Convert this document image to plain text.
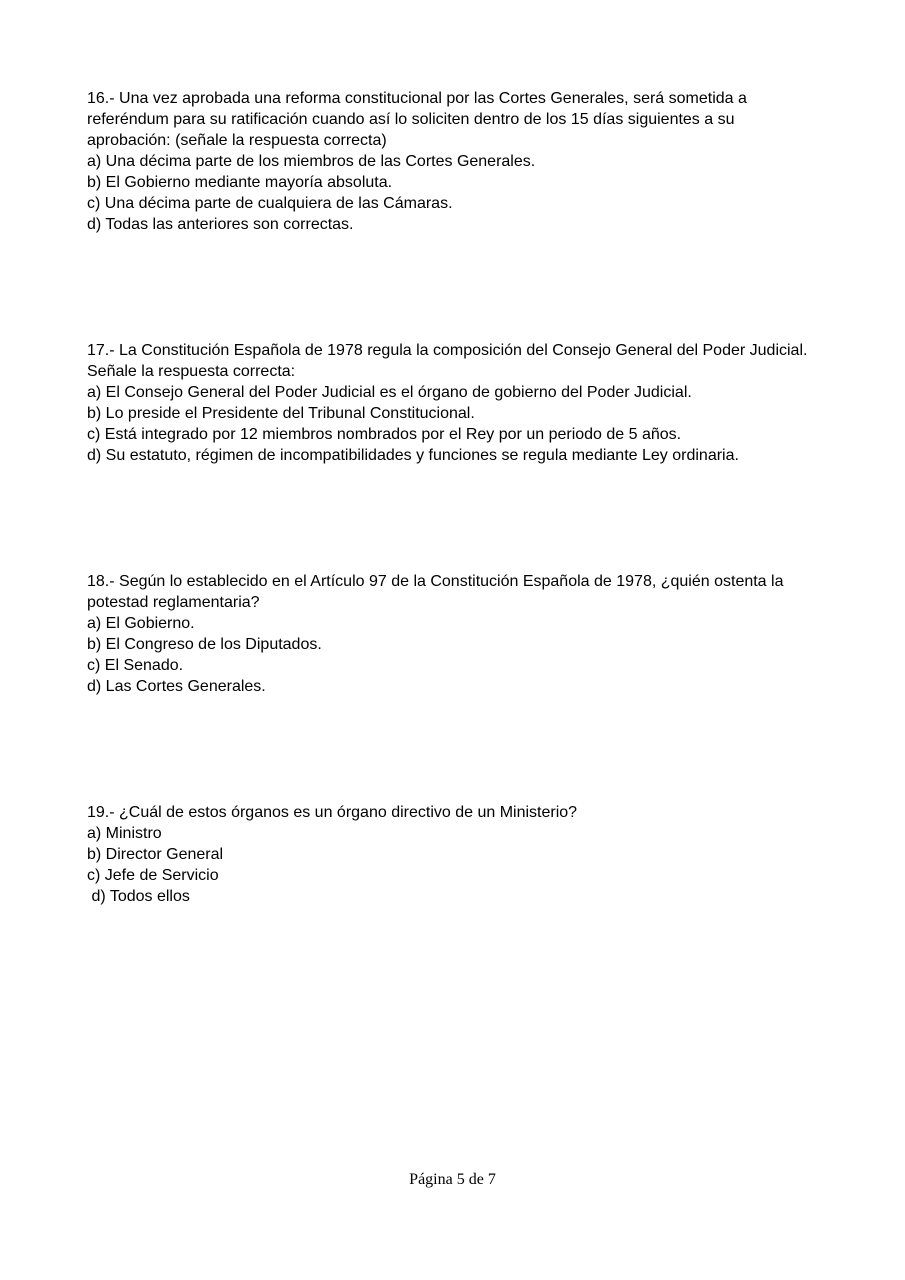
16.- Una vez aprobada una reforma constitucional por las Cortes Generales, será sometida a referéndum para su ratificación cuando así lo soliciten dentro de los 15 días siguientes a su aprobación: (señale la respuesta correcta)

a) Una décima parte de los miembros de las Cortes Generales.

b) El Gobierno mediante mayoría absoluta.

c) Una décima parte de cualquiera de las Cámaras.

d) Todas las anteriores son correctas.

17.- La Constitución Española de 1978 regula la composición del Consejo General del Poder Judicial. Señale la respuesta correcta:

a) El Consejo General del Poder Judicial es el órgano de gobierno del Poder Judicial.

b) Lo preside el Presidente del Tribunal Constitucional.

c) Está integrado por 12 miembros nombrados por el Rey por un periodo de 5 años.

d) Su estatuto, régimen de incompatibilidades y funciones se regula mediante Ley ordinaria.

18.- Según lo establecido en el Artículo 97 de la Constitución Española de 1978, ¿quién ostenta la potestad reglamentaria?

a) El Gobierno.

b) El Congreso de los Diputados.

c) El Senado.

d) Las Cortes Generales.

19.- ¿Cuál de estos órganos es un órgano directivo de un Ministerio?

a) Ministro

b) Director General

c) Jefe de Servicio

d) Todos ellos

Página 5 de 7
